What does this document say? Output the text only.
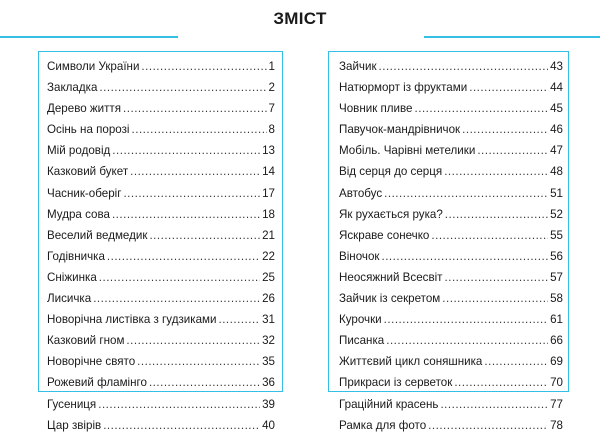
ЗМІСТ
Символи України .....	1
Закладка .....	2
Дерево життя .....	7
Осінь на порозі .....	8
Мій родовід .....	13
Казковий букет .....	14
Часник-оберіг .....	17
Мудра сова .....	18
Веселий ведмедик .....	21
Годівничка .....	22
Сніжинка .....	25
Лисичка .....	26
Новорічна листівка з гудзиками .....	31
Казковий гном .....	32
Новорічне свято .....	35
Рожевий фламінго .....	36
Гусениця .....	39
Цар звірів .....	40
Зайчик .....	43
Натюрморт із фруктами .....	44
Човник пливе .....	45
Павучок-мандрівничок .....	46
Мобіль. Чарівні метелики .....	47
Від серця до серця .....	48
Автобус .....	51
Як рухається рука? .....	52
Яскраве сонечко .....	55
Віночок .....	56
Неосяжний Всесвіт .....	57
Зайчик із секретом .....	58
Курочки .....	61
Писанка .....	66
Життєвий цикл соняшника .....	69
Прикраси із серветок .....	70
Граційний красень .....	77
Рамка для фото .....	78
